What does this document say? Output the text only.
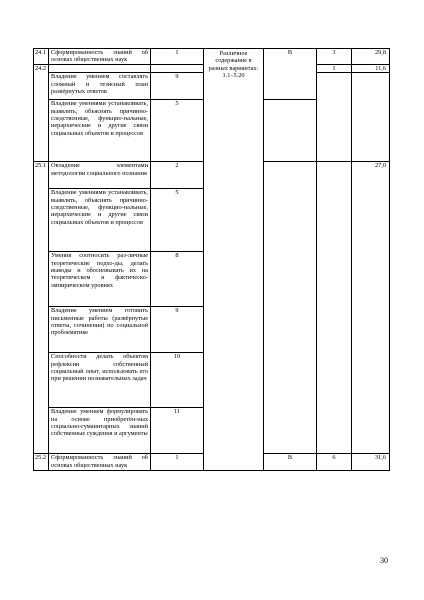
24.1	Сформированность знаний об основах общественных наук	1	Различное содержание в разных вариантах: 1.1–5.20	В	3	29,8
24.2					1	11,6
	Владение умением составлять сложный и тезисный план развёрнутых ответов	9				
	Владение умениями устанавливать, выявлять, объяснять причинно-следственные, функцио-нальные, иерархические и другие связи социальных объектов и процессов	5				
25.1	Овладение элементами методологии социального познания	2				27,0
	Владение умениями устанавливать, выявлять, объяснять причинно-следственные, функцио-нальные, иерархические и другие связи социальных объектов и процессов	5				
	Умения соотносить раз-личные теоретические подхо-ды, делать выводы и обосновывать их на теоретическом и фактическо-эмпирическом уровнях	8				
	Владение умением готовить письменные работы (развёрнутые ответы, сочинения) по социальной проблематике	9				
	Способности делать объектом рефлексии собственный социальный опыт, использовать его при решении познавательных задач	10				
	Владение умением формулировать на основе приобретён-ных социально-гуманитарных знаний собственные суждения и аргументы	11				
25.2	Сформированность знаний об основах общественных наук	1		В	6	31,6
30
